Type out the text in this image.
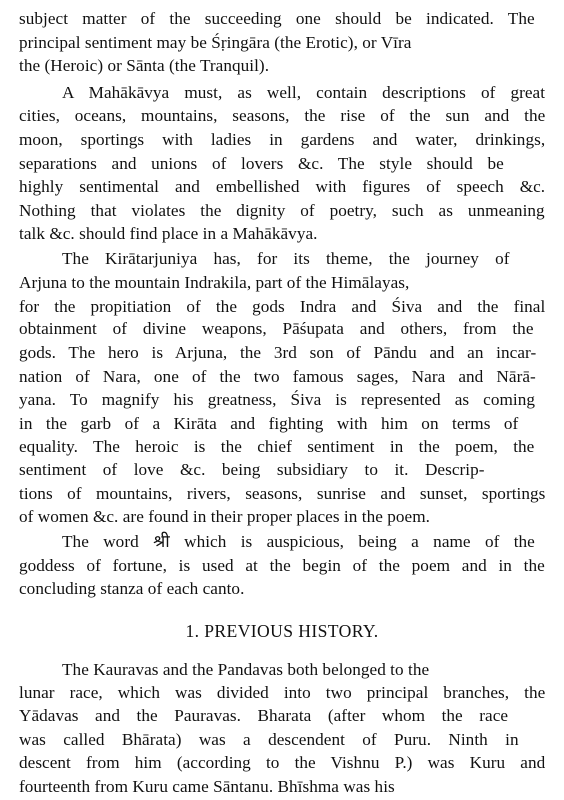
subject matter of the succeeding one should be indicated. The
principal sentiment may be Śṛingāra (the Erotic), or Vīra
the (Heroic) or Sānta (the Tranquil).
A Mahākāvya must, as well, contain descriptions of great
cities, oceans, mountains, seasons, the rise of the sun and the
moon, sportings with ladies in gardens and water, drinkings,
separations and unions of lovers &c. The style should be
highly sentimental and embellished with figures of speech &c.
Nothing that violates the dignity of poetry, such as unmeaning
talk &c. should find place in a Mahākāvya.
The Kirātarjuniya has, for its theme, the journey of
Arjuna to the mountain Indrakila, part of the Himālayas,
for the propitiation of the gods Indra and Śiva and the final
obtainment of divine weapons, Pāśupata and others, from the
gods. The hero is Arjuna, the 3rd son of Pāndu and an incar-
nation of Nara, one of the two famous sages, Nara and Nārā-
yana. To magnify his greatness, Śiva is represented as coming
in the garb of a Kirāta and fighting with him on terms of
equality. The heroic is the chief sentiment in the poem, the
sentiment of love &c. being subsidiary to it. Descrip-
tions of mountains, rivers, seasons, sunrise and sunset, sportings
of women &c. are found in their proper places in the poem.
The word श्री which is auspicious, being a name of the
goddess of fortune, is used at the begin of the poem and in the
concluding stanza of each canto.
1. PREVIOUS HISTORY.
The Kauravas and the Pandavas both belonged to the
lunar race, which was divided into two principal branches, the
Yādavas and the Pauravas. Bharata (after whom the race
was called Bhārata) was a descendent of Puru. Ninth in
descent from him (according to the Vishnu P.) was Kuru and
fourteenth from Kuru came Sāntanu. Bhīshma was his
